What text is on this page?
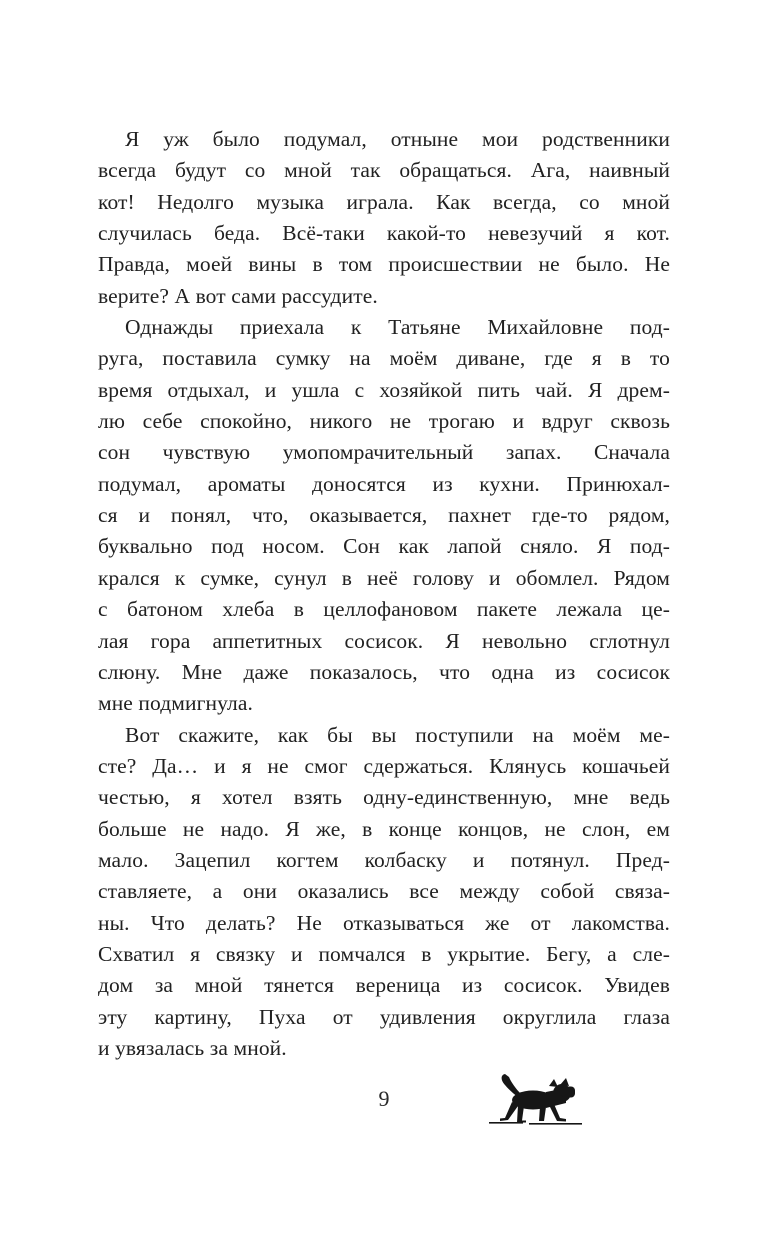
Я уж было подумал, отныне мои родственники
всегда будут со мной так обращаться. Ага, наивный
кот! Недолго музыка играла. Как всегда, со мной
случилась беда. Всё-таки какой-то невезучий я кот.
Правда, моей вины в том происшествии не было. Не
верите? А вот сами рассудите.
Однажды приехала к Татьяне Михайловне под-
руга, поставила сумку на моём диване, где я в то
время отдыхал, и ушла с хозяйкой пить чай. Я дрем-
лю себе спокойно, никого не трогаю и вдруг сквозь
сон чувствую умопомрачительный запах. Сначала
подумал, ароматы доносятся из кухни. Принюхал-
ся и понял, что, оказывается, пахнет где-то рядом,
буквально под носом. Сон как лапой сняло. Я под-
крался к сумке, сунул в неё голову и обомлел. Рядом
с батоном хлеба в целлофановом пакете лежала це-
лая гора аппетитных сосисок. Я невольно сглотнул
слюну. Мне даже показалось, что одна из сосисок
мне подмигнула.
Вот скажите, как бы вы поступили на моём ме-
сте? Да… и я не смог сдержаться. Клянусь кошачьей
честью, я хотел взять одну-единственную, мне ведь
больше не надо. Я же, в конце концов, не слон, ем
мало. Зацепил когтем колбаску и потянул. Пред-
ставляете, а они оказались все между собой связа-
ны. Что делать? Не отказываться же от лакомства.
Схватил я связку и помчался в укрытие. Бегу, а сле-
дом за мной тянется вереница из сосисок. Увидев
эту картину, Пуха от удивления округлила глаза
и увязалась за мной.
9
